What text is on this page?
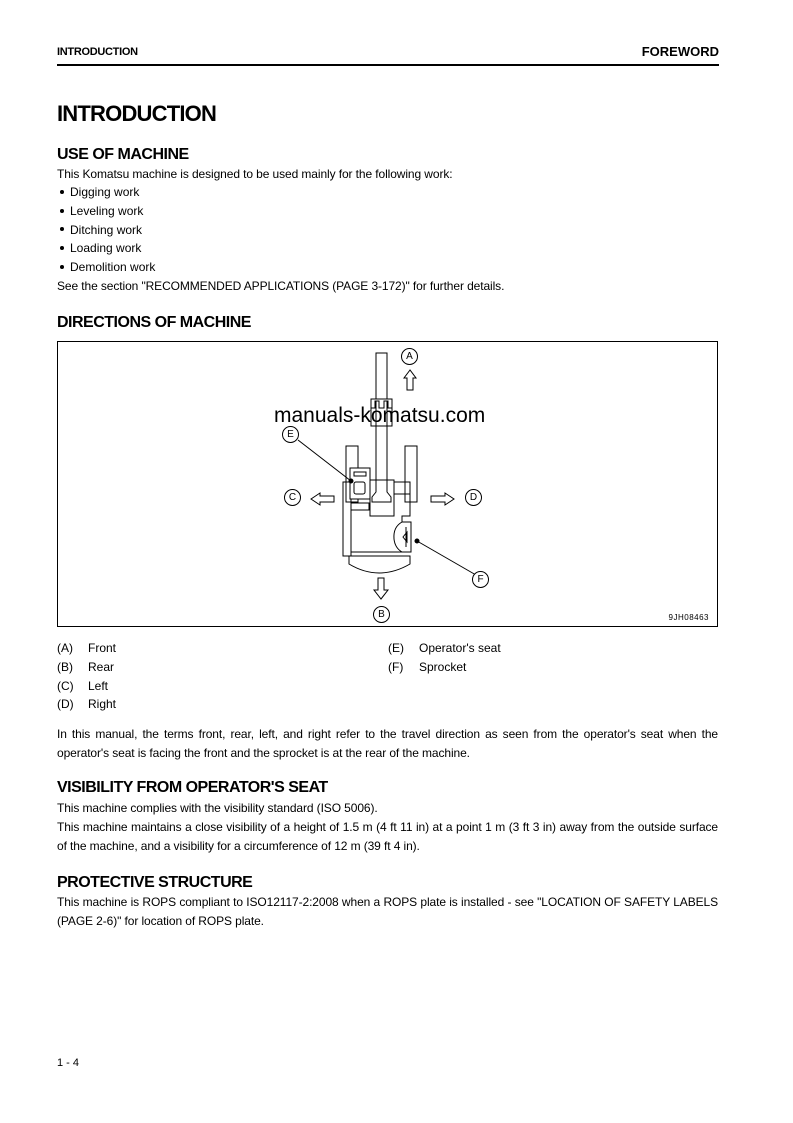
INTRODUCTION	FOREWORD
INTRODUCTION
USE OF MACHINE

This Komatsu machine is designed to be used mainly for the following work:

Digging work
Leveling work
Ditching work
Loading work
Demolition work

See the section "RECOMMENDED APPLICATIONS (PAGE 3-172)" for further details.

DIRECTIONS OF MACHINE
A
E
C	D
F
B
manuals-komatsu.com
9JH08463
(A)	Front
(B)	Rear
(C)	Left
(D)	Right
(E)	Operator's seat
(F)	Sprocket

In this manual, the terms front, rear, left, and right refer to the travel direction as seen from the operator's seat when the operator's seat is facing the front and the sprocket is at the rear of the machine.

VISIBILITY FROM OPERATOR'S SEAT

This machine complies with the visibility standard (ISO 5006).

This machine maintains a close visibility of a height of 1.5 m (4 ft 11 in) at a point 1 m (3 ft 3 in) away from the outside surface of the machine, and a visibility for a circumference of 12 m (39 ft 4 in).

PROTECTIVE STRUCTURE

This machine is ROPS compliant to ISO12117-2:2008 when a ROPS plate is installed - see "LOCATION OF SAFETY LABELS (PAGE 2-6)" for location of ROPS plate.

1 - 4
